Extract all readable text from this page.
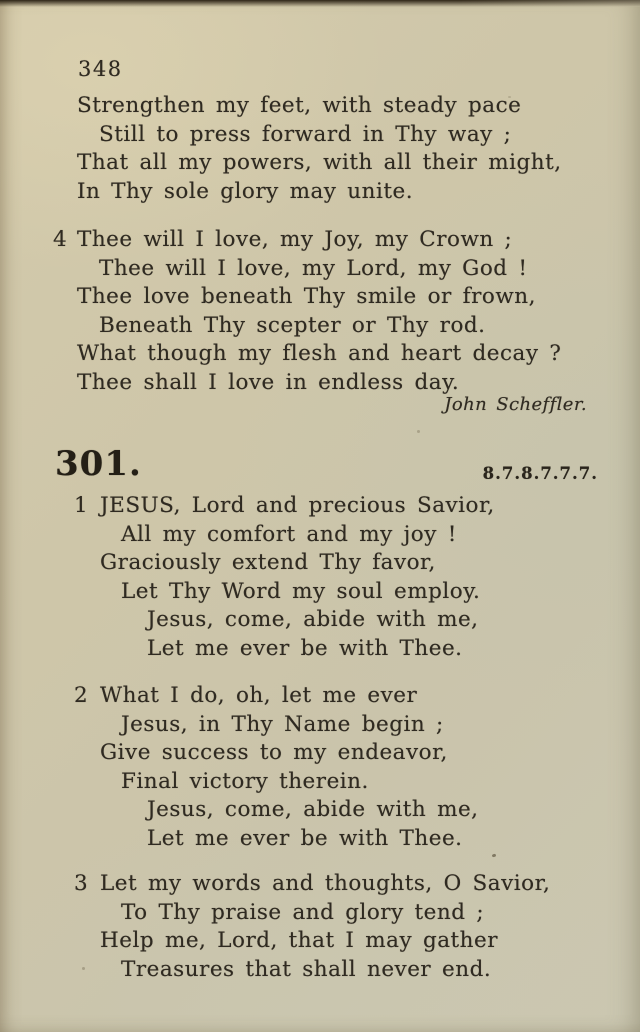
348
Strengthen my feet, with steady pace
Still to press forward in Thy way ;
That all my powers, with all their might,
In Thy sole glory may unite.
4 Thee will I love, my Joy, my Crown ;
Thee will I love, my Lord, my God !
Thee love beneath Thy smile or frown,
Beneath Thy scepter or Thy rod.
What though my flesh and heart decay ?
Thee shall I love in endless day.
John Scheffler.
301.	8.7.8.7.7.7.
1 JESUS, Lord and precious Savior,
All my comfort and my joy !
Graciously extend Thy favor,
Let Thy Word my soul employ.
Jesus, come, abide with me,
Let me ever be with Thee.
2 What I do, oh, let me ever
Jesus, in Thy Name begin ;
Give success to my endeavor,
Final victory therein.
Jesus, come, abide with me,
Let me ever be with Thee.
3 Let my words and thoughts, O Savior,
To Thy praise and glory tend ;
Help me, Lord, that I may gather
Treasures that shall never end.
